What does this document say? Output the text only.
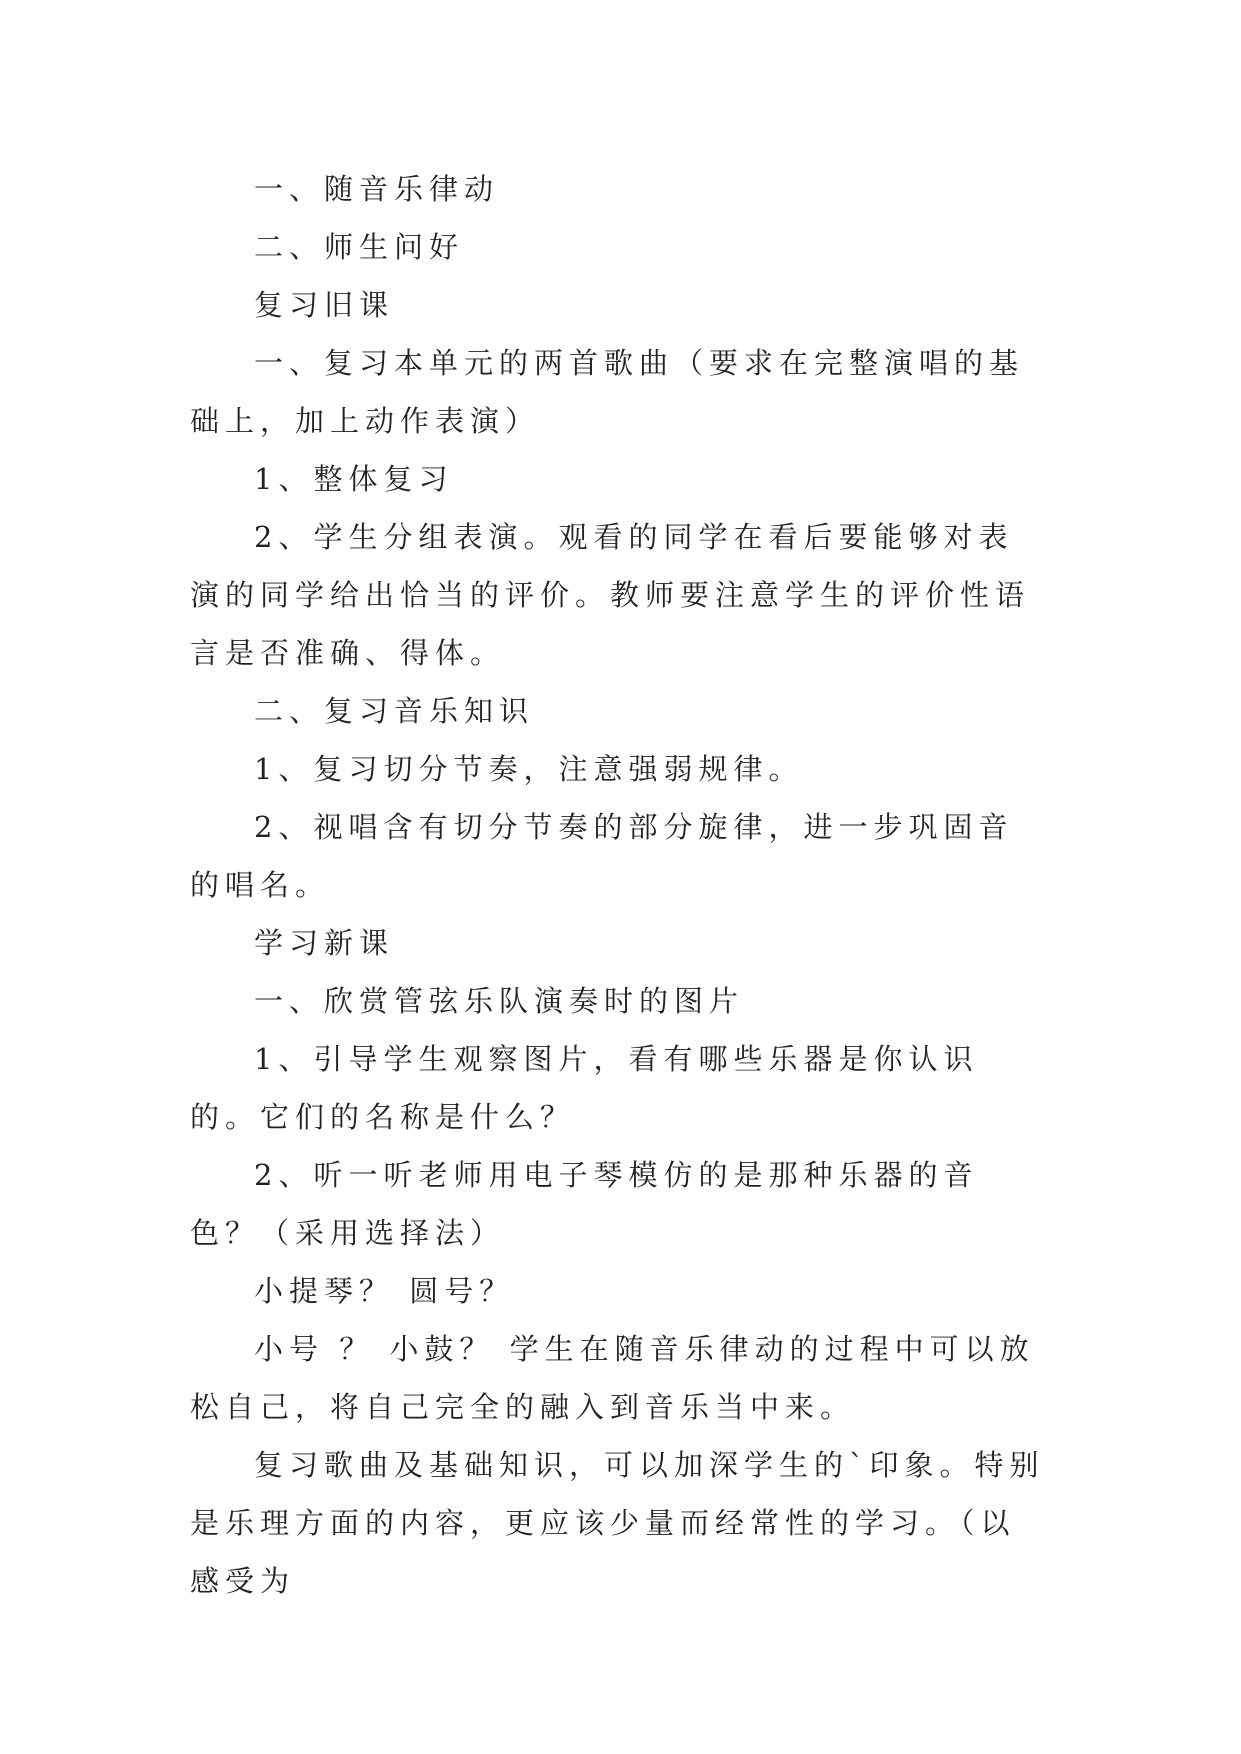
一、随音乐律动

二、师生问好

复习旧课

一、复习本单元的两首歌曲（要求在完整演唱的基础上，加上动作表演）

1、整体复习

2、学生分组表演。观看的同学在看后要能够对表演的同学给出恰当的评价。教师要注意学生的评价性语言是否准确、得体。

二、复习音乐知识

1、复习切分节奏，注意强弱规律。

2、视唱含有切分节奏的部分旋律，进一步巩固音的唱名。

学习新课

一、欣赏管弦乐队演奏时的图片

1、引导学生观察图片，看有哪些乐器是你认识的。它们的名称是什么？

2、听一听老师用电子琴模仿的是那种乐器的音色？（采用选择法）

小提琴？ 圆号？

小号 ？ 小鼓？ 学生在随音乐律动的过程中可以放松自己，将自己完全的融入到音乐当中来。

复习歌曲及基础知识，可以加深学生的`印象。特别是乐理方面的内容，更应该少量而经常性的学习。（以感受为
